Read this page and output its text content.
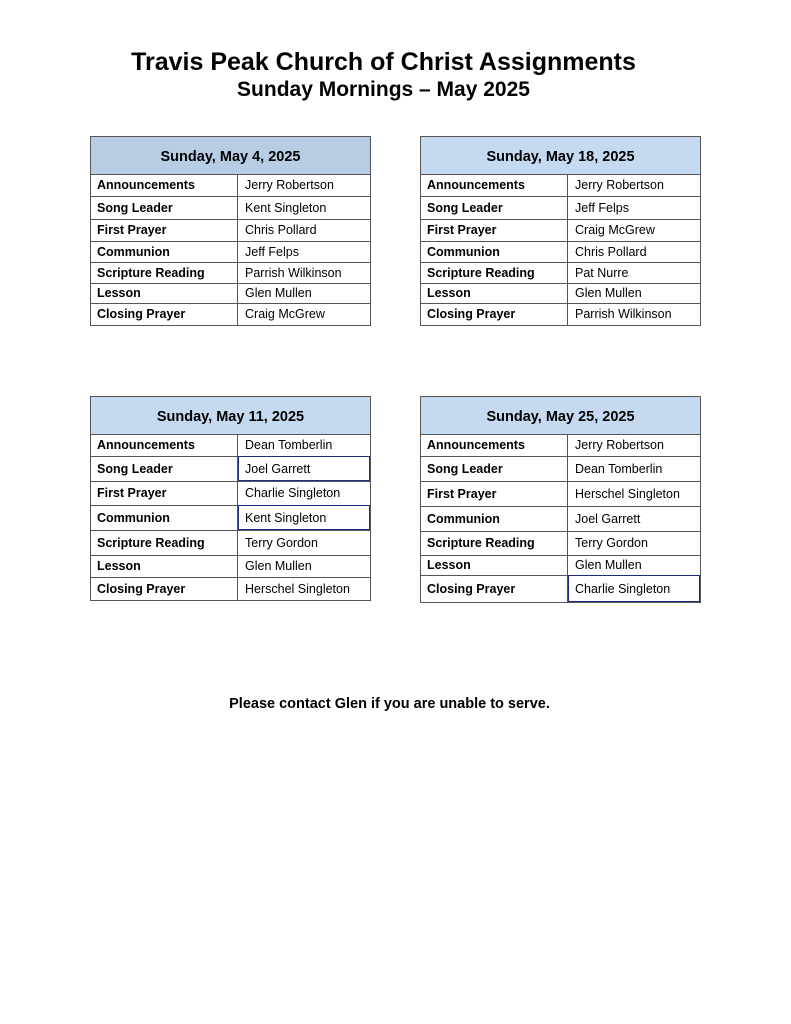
Travis Peak Church of Christ Assignments
Sunday Mornings – May 2025
Sunday, May 4, 2025
Announcements	Jerry Robertson
Song Leader	Kent Singleton
First Prayer	Chris Pollard
Communion	Jeff Felps
Scripture Reading	Parrish Wilkinson
Lesson	Glen Mullen
Closing Prayer	Craig McGrew
Sunday, May 18, 2025
Announcements	Jerry Robertson
Song Leader	Jeff Felps
First Prayer	Craig McGrew
Communion	Chris Pollard
Scripture Reading	Pat Nurre
Lesson	Glen Mullen
Closing Prayer	Parrish Wilkinson
Sunday, May 11, 2025
Announcements	Dean Tomberlin
Song Leader	Joel Garrett
First Prayer	Charlie Singleton
Communion	Kent Singleton
Scripture Reading	Terry Gordon
Lesson	Glen Mullen
Closing Prayer	Herschel Singleton
Sunday, May 25, 2025
Announcements	Jerry Robertson
Song Leader	Dean Tomberlin
First Prayer	Herschel Singleton
Communion	Joel Garrett
Scripture Reading	Terry Gordon
Lesson	Glen Mullen
Closing Prayer	Charlie Singleton
Please contact Glen if you are unable to serve.
